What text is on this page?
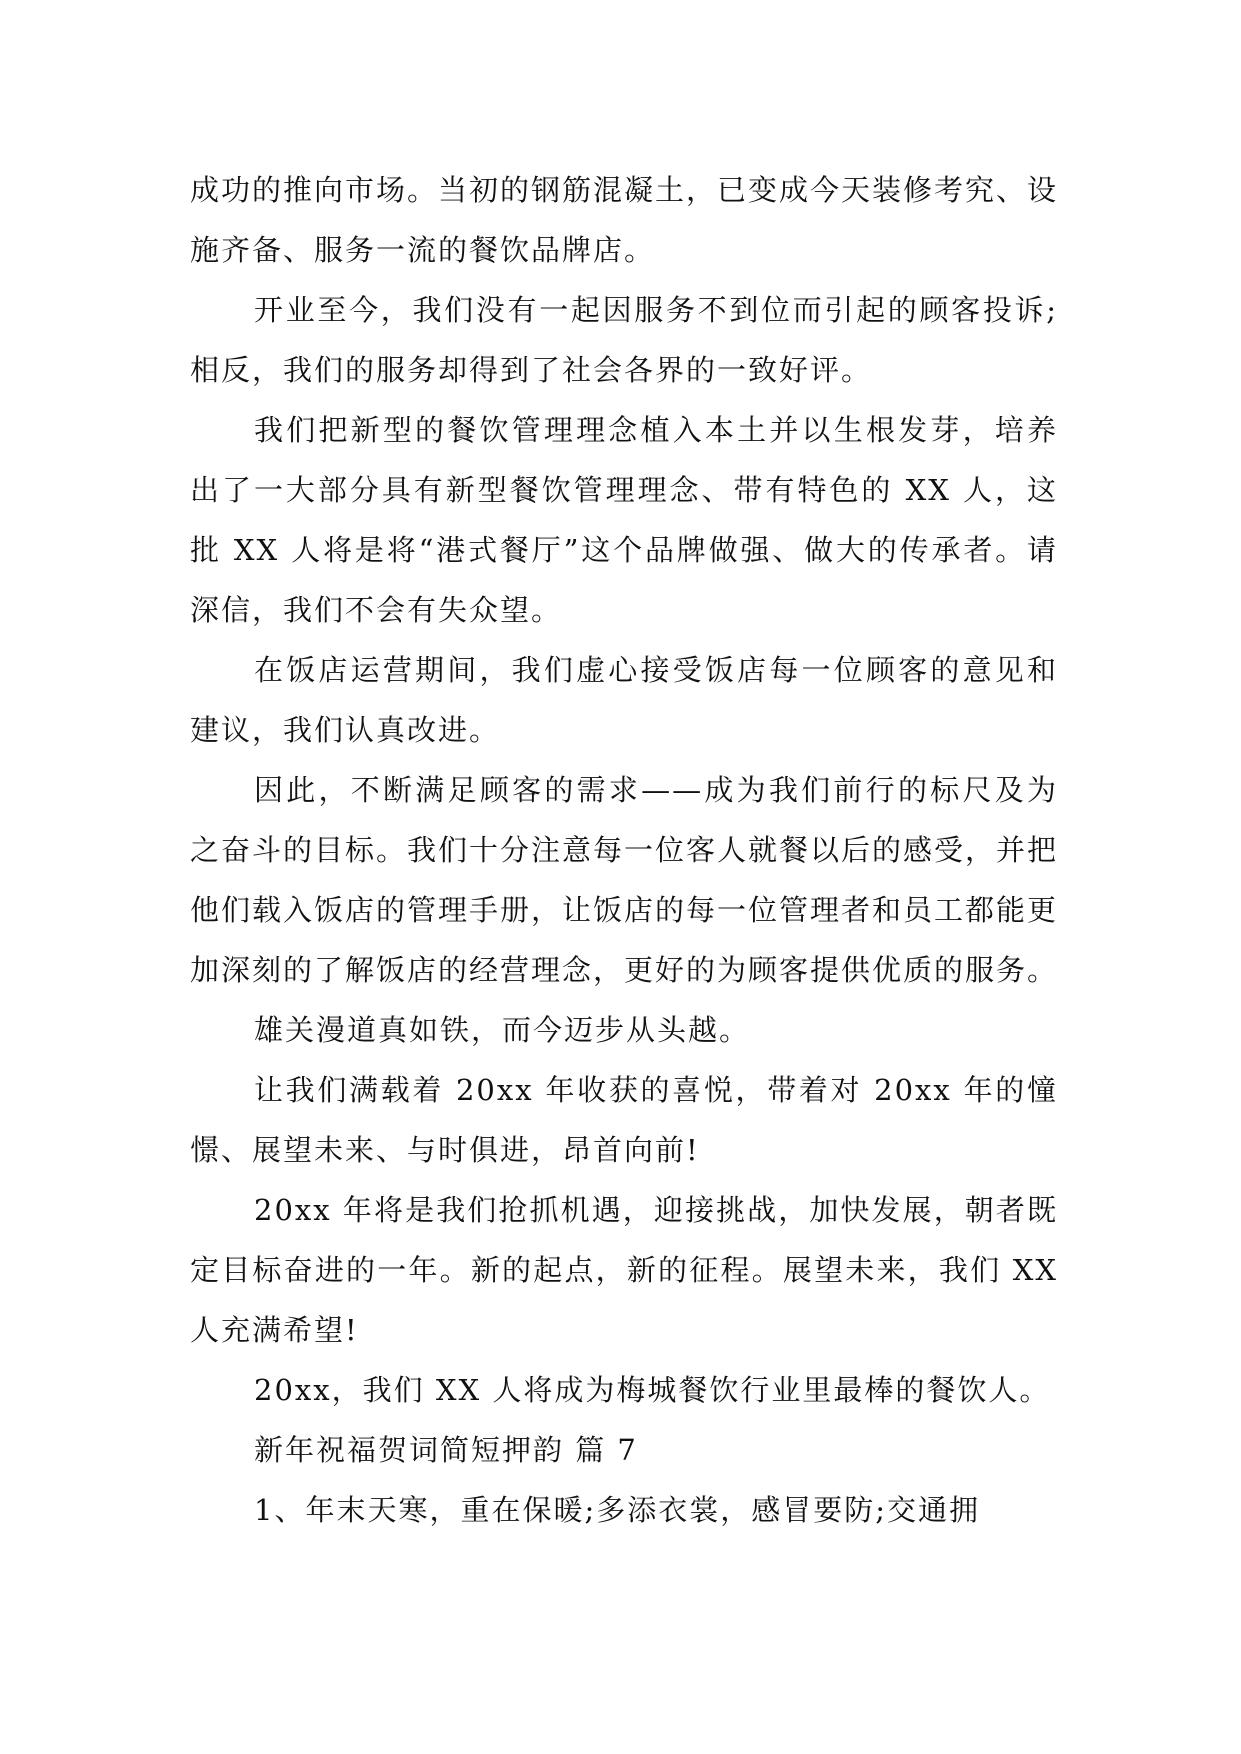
成功的推向市场。当初的钢筋混凝土，已变成今天装修考究、设施齐备、服务一流的餐饮品牌店。

开业至今，我们没有一起因服务不到位而引起的顾客投诉;相反，我们的服务却得到了社会各界的一致好评。

我们把新型的餐饮管理理念植入本土并以生根发芽，培养出了一大部分具有新型餐饮管理理念、带有特色的 XX 人，这批 XX 人将是将“港式餐厅”这个品牌做强、做大的传承者。请深信，我们不会有失众望。

在饭店运营期间，我们虚心接受饭店每一位顾客的意见和建议，我们认真改进。

因此，不断满足顾客的需求——成为我们前行的标尺及为之奋斗的目标。我们十分注意每一位客人就餐以后的感受，并把他们载入饭店的管理手册，让饭店的每一位管理者和员工都能更加深刻的了解饭店的经营理念，更好的为顾客提供优质的服务。

雄关漫道真如铁，而今迈步从头越。

让我们满载着 20xx 年收获的喜悦，带着对 20xx 年的憧憬、展望未来、与时俱进，昂首向前!

20xx 年将是我们抢抓机遇，迎接挑战，加快发展，朝者既定目标奋进的一年。新的起点，新的征程。展望未来，我们 XX 人充满希望!

20xx，我们 XX 人将成为梅城餐饮行业里最棒的餐饮人。

新年祝福贺词简短押韵 篇 7

1、年末天寒，重在保暖;多添衣裳，感冒要防;交通拥
